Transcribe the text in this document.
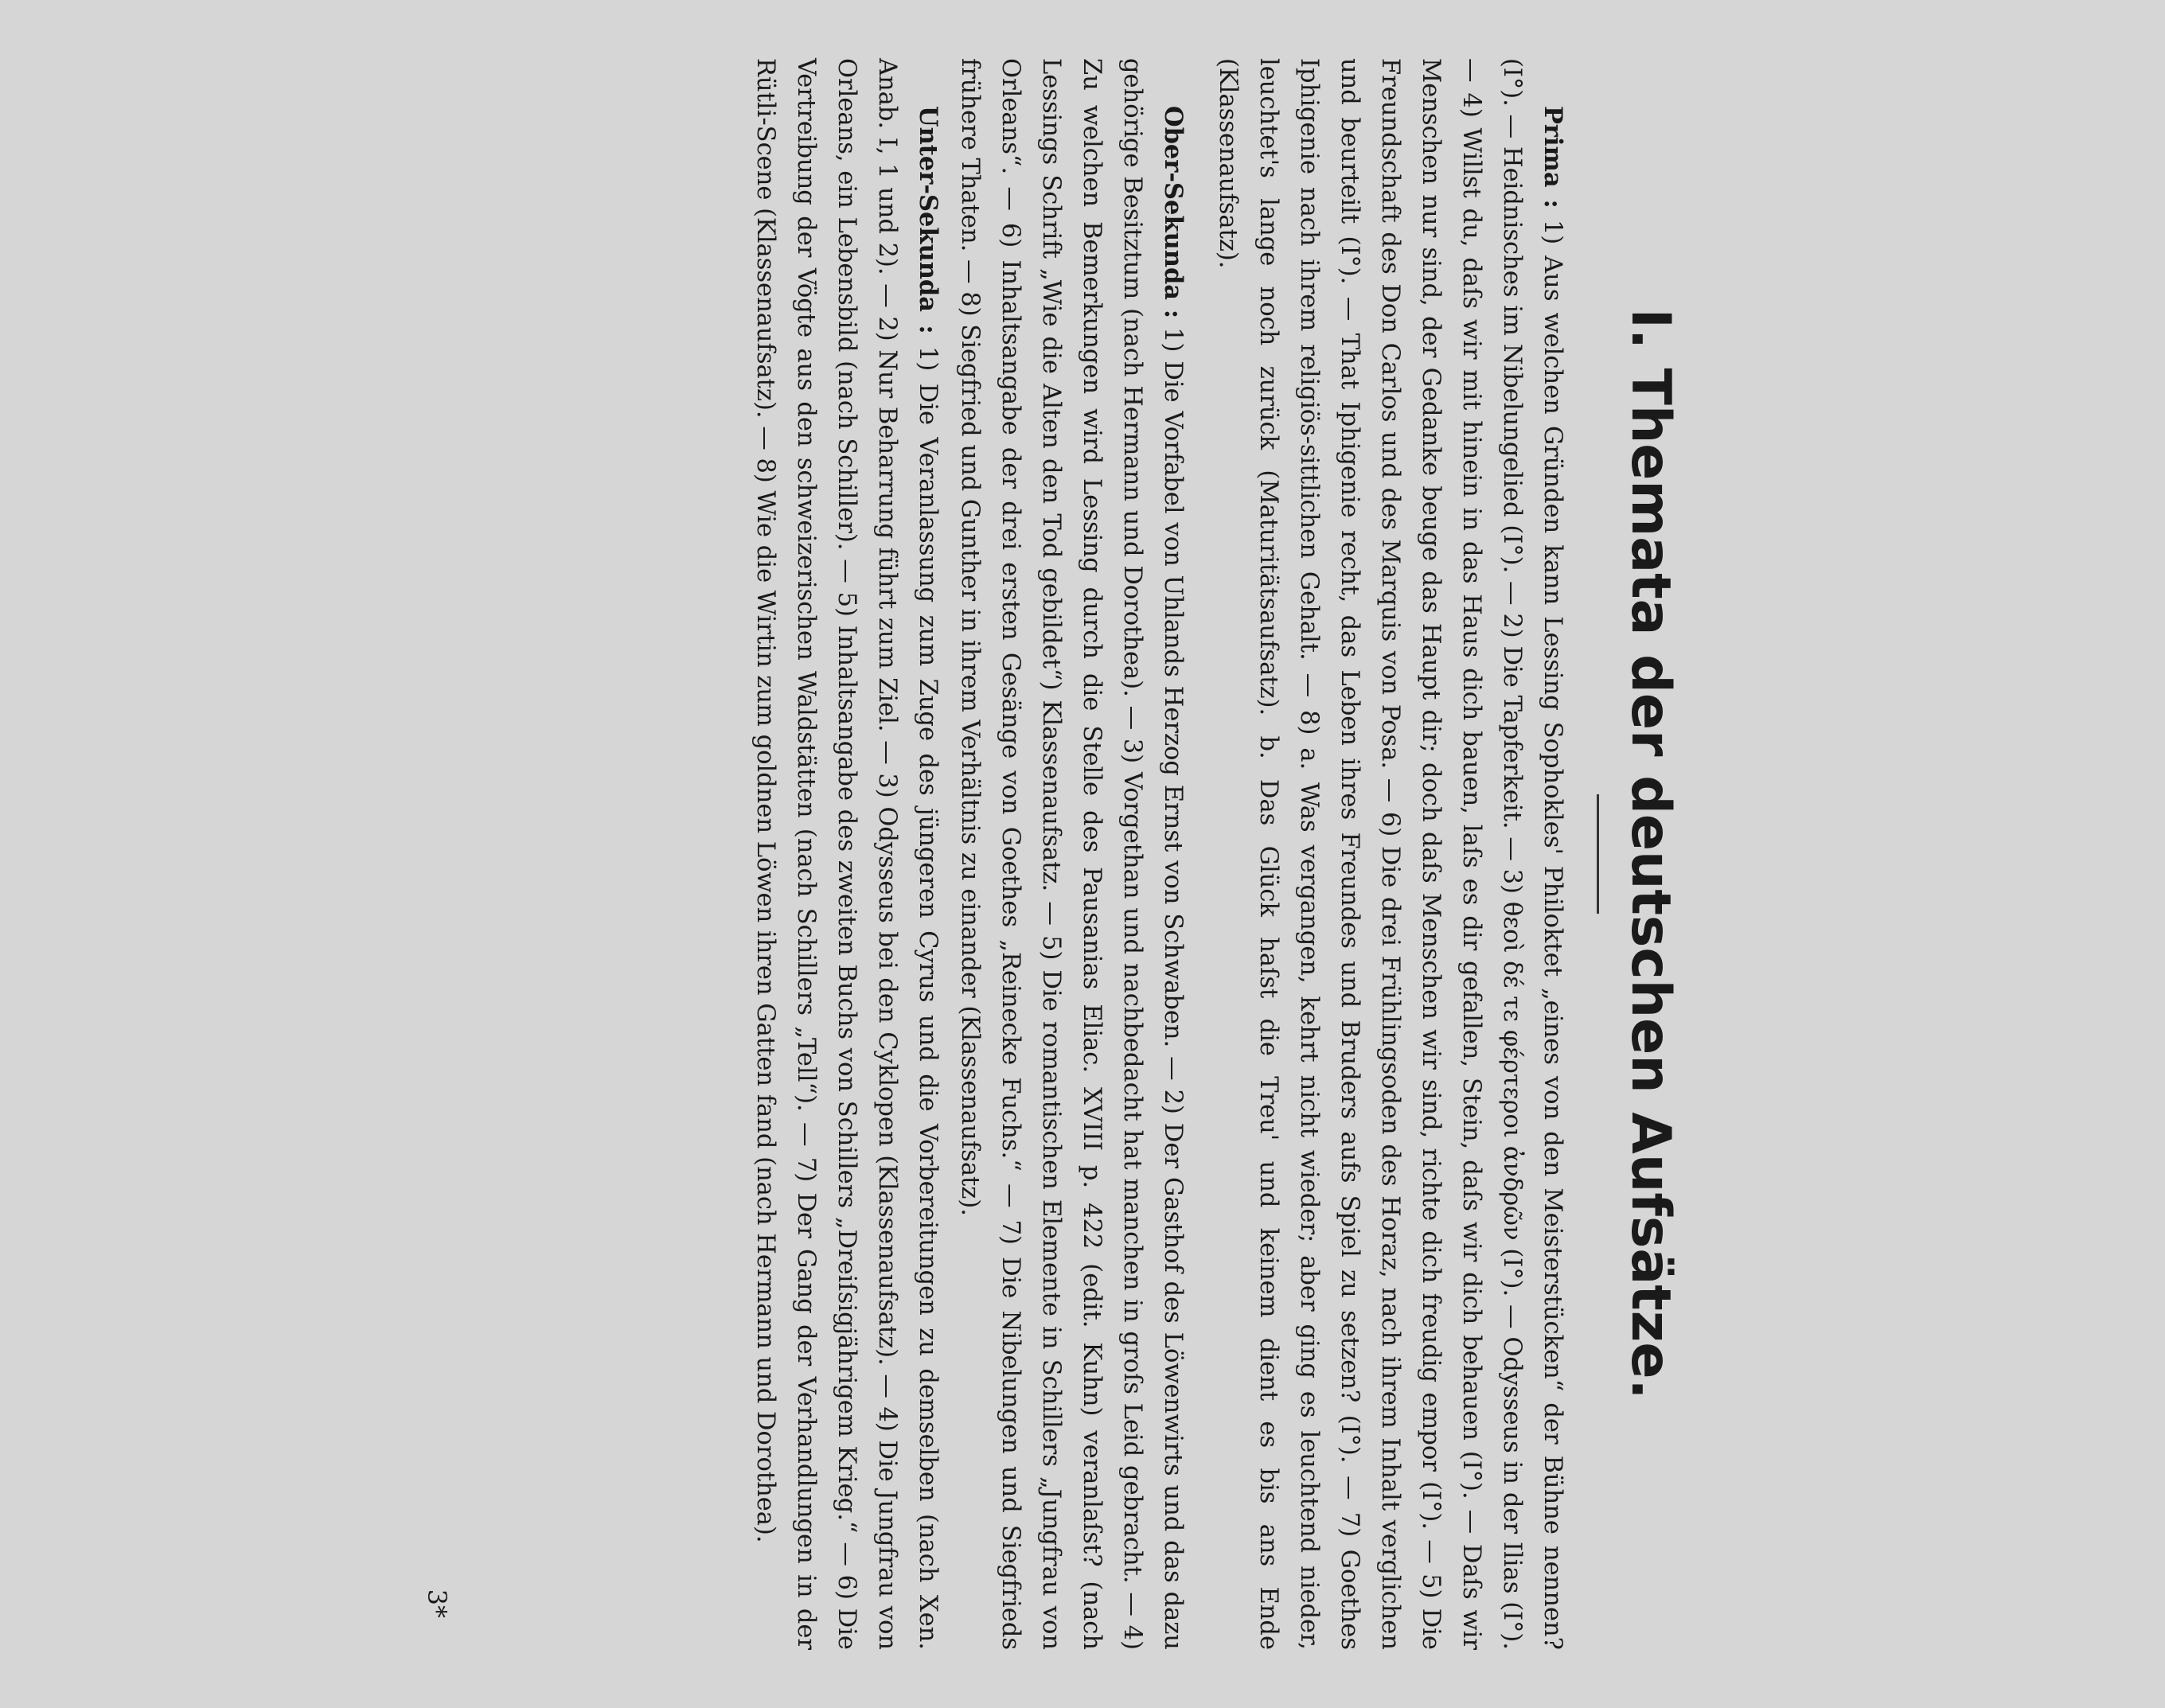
I. Themata der deutschen Aufsätze.

Prima : 1) Aus welchen Gründen kann Lessing Sophokles' Philoktet „eines von den Meisterstücken“ der Bühne nennen? (I°). — Heidnisches im Nibelungelied (I°). — 2) Die Tapferkeit. — 3) θεοὶ δέ τε φέρτεροι ἀνδρῶν (I°). — Odysseus in der Ilias (I°). — 4) Willst du, daſs wir mit hinein in das Haus dich bauen, laſs es dir gefallen, Stein, daſs wir dich behauen (I°). — Daſs wir Menschen nur sind, der Gedanke beuge das Haupt dir; doch daſs Menschen wir sind, richte dich freudig empor (I°). — 5) Die Freundschaft des Don Carlos und des Marquis von Posa. — 6) Die drei Frühlingsoden des Horaz, nach ihrem Inhalt verglichen und beurteilt (I°). — That Iphigenie recht, das Leben ihres Freundes und Bruders aufs Spiel zu setzen? (I°). — 7) Goethes Iphigenie nach ihrem religiös-sittlichen Gehalt. — 8) a. Was vergangen, kehrt nicht wieder; aber ging es leuchtend nieder, leuchtet's lange noch zurück (Maturitätsaufsatz). b. Das Glück haſst die Treu' und keinem dient es bis ans Ende (Klassenaufsatz).

Ober-Sekunda : 1) Die Vorfabel von Uhlands Herzog Ernst von Schwaben. — 2) Der Gasthof des Löwenwirts und das dazu gehörige Besitztum (nach Hermann und Dorothea). — 3) Vorgethan und nachbedacht hat manchen in groſs Leid gebracht. — 4) Zu welchen Bemerkungen wird Lessing durch die Stelle des Pausanias Eliac. XVIII p. 422 (edit. Kuhn) veranlaſst? (nach Lessings Schrift „Wie die Alten den Tod gebildet“) Klassenaufsatz. — 5) Die romantischen Elemente in Schillers „Jungfrau von Orleans“. — 6) Inhaltsangabe der drei ersten Gesänge von Goethes „Reinecke Fuchs.“ — 7) Die Nibelungen und Siegfrieds frühere Thaten. — 8) Siegfried und Gunther in ihrem Verhältnis zu einander (Klassenaufsatz).

Unter-Sekunda : 1) Die Veranlassung zum Zuge des jüngeren Cyrus und die Vorbereitungen zu demselben (nach Xen. Anab. I, 1 und 2). — 2) Nur Beharrung führt zum Ziel. — 3) Odysseus bei den Cyklopen (Klassenaufsatz). — 4) Die Jungfrau von Orleans, ein Lebensbild (nach Schiller). — 5) Inhaltsangabe des zweiten Buchs von Schillers „Dreiſsigjährigem Krieg.“ — 6) Die Vertreibung der Vögte aus den schweizerischen Waldstätten (nach Schillers „Tell“). — 7) Der Gang der Verhandlungen in der Rütli-Scene (Klassenaufsatz). — 8) Wie die Wirtin zum goldnen Löwen ihren Gatten fand (nach Hermann und Dorothea).

3*
